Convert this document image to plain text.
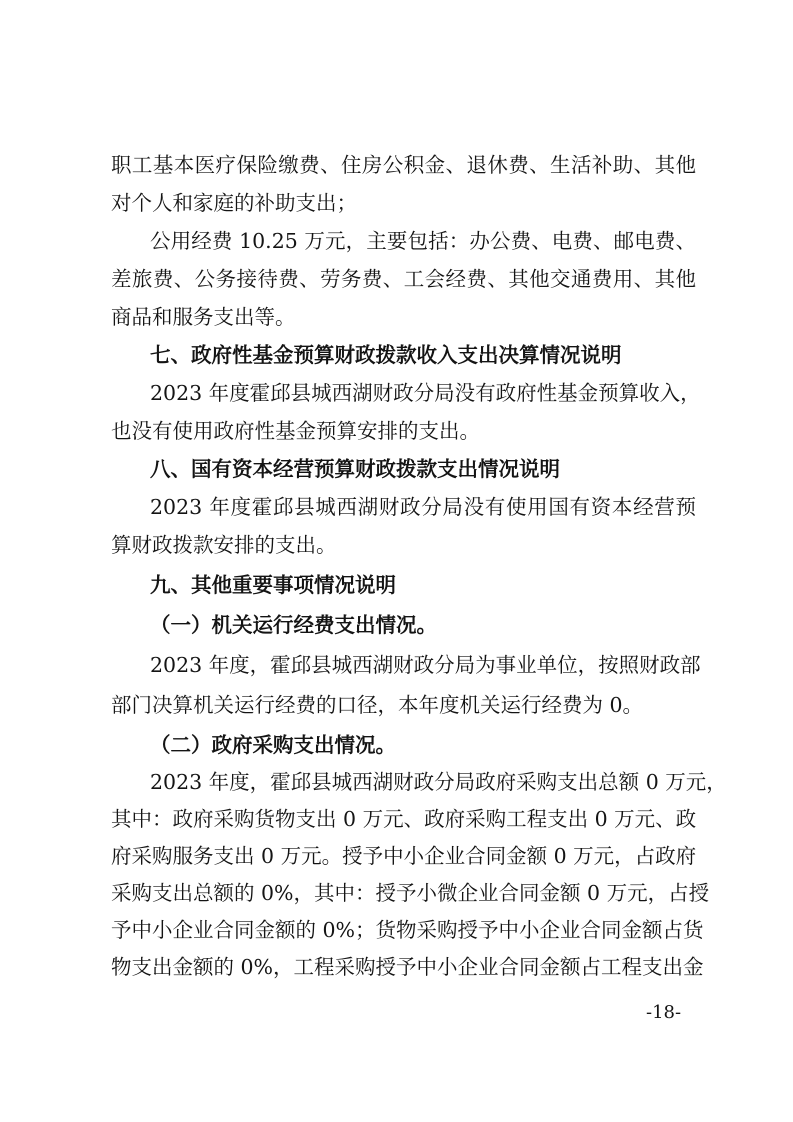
职工基本医疗保险缴费、住房公积金、退休费、生活补助、其他
对个人和家庭的补助支出；
公用经费 10.25 万元，主要包括：办公费、电费、邮电费、
差旅费、公务接待费、劳务费、工会经费、其他交通费用、其他
商品和服务支出等。
七、政府性基金预算财政拨款收入支出决算情况说明
2023 年度霍邱县城西湖财政分局没有政府性基金预算收入，
也没有使用政府性基金预算安排的支出。
八、国有资本经营预算财政拨款支出情况说明
2023 年度霍邱县城西湖财政分局没有使用国有资本经营预
算财政拨款安排的支出。
九、其他重要事项情况说明
（一）机关运行经费支出情况。
2023 年度，霍邱县城西湖财政分局为事业单位，按照财政部
部门决算机关运行经费的口径，本年度机关运行经费为 0。
（二）政府采购支出情况。
2023 年度，霍邱县城西湖财政分局政府采购支出总额 0 万元，
其中：政府采购货物支出 0 万元、政府采购工程支出 0 万元、政
府采购服务支出 0 万元。授予中小企业合同金额 0 万元，占政府
采购支出总额的 0%，其中：授予小微企业合同金额 0 万元，占授
予中小企业合同金额的 0%；货物采购授予中小企业合同金额占货
物支出金额的 0%，工程采购授予中小企业合同金额占工程支出金
-18-
